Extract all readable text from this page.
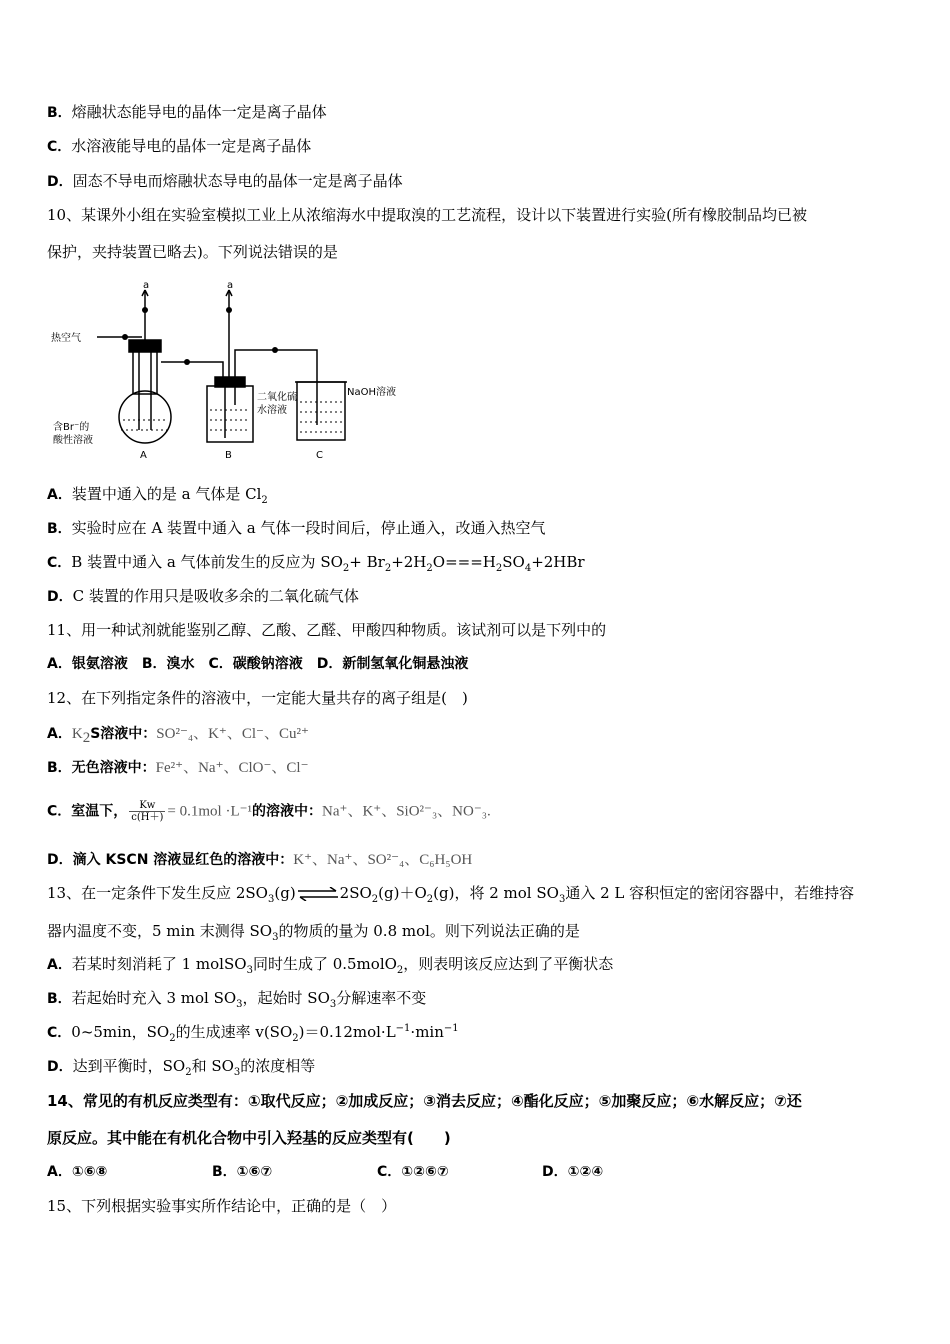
B．熔融状态能导电的晶体一定是离子晶体
C．水溶液能导电的晶体一定是离子晶体
D．固态不导电而熔融状态导电的晶体一定是离子晶体
10、某课外小组在实验室模拟工业上从浓缩海水中提取溴的工艺流程，设计以下装置进行实验(所有橡胶制品均已被
保护，夹持装置已略去)。下列说法错误的是
热空气
a	a
含Br⁻的
酸性溶液
二氧化硫
水溶液
NaOH溶液
A	B	C
A．装置中通入的是 a 气体是 $Cl_2$
B．实验时应在 A 装置中通入 a 气体一段时间后，停止通入，改通入热空气
C．B 装置中通入 a 气体前发生的反应为 $SO_2+ Br_2+2H_2O===H_2SO_4+2HBr$
D．C 装置的作用只是吸收多余的二氧化硫气体
11、用一种试剂就能鉴别乙醇、乙酸、乙醛、甲酸四种物质。该试剂可以是下列中的
A．银氨溶液　B．溴水　C．碳酸钠溶液　D．新制氢氧化铜悬浊液
12、在下列指定条件的溶液中，一定能大量共存的离子组是(　)
A．$K_2S$溶液中：SO²⁻₄、K⁺、Cl⁻、Cu²⁺
B．无色溶液中：Fe²⁺、Na⁺、ClO⁻、Cl⁻
C．室温下， $\frac{Kw}{c(H+)} = 0.1mol \cdot L^{-1}$的溶液中：Na⁺、K⁺、SiO²⁻₃、NO⁻₃.
D．滴入 KSCN 溶液显红色的溶液中：K⁺、Na⁺、SO²⁻₄、C₆H₅OH
13、在一定条件下发生反应 $2SO_3(g)\rightleftharpoons 2SO_2(g)+O_2(g)$，将 2 mol $SO_3$通入 2 L 容积恒定的密闭容器中，若维持容
器内温度不变，5 min 末测得 $SO_3$的物质的量为 0.8 mol。则下列说法正确的是
A．若某时刻消耗了 1 molSO$_3$同时生成了 0.5molO$_2$，则表明该反应达到了平衡状态
B．若起始时充入 3 mol $SO_3$，起始时 $SO_3$分解速率不变
C．0~5min，$SO_2$的生成速率 $v(SO_2)=0.12mol\cdot L^{-1}\cdot\min^{-1}$
D．达到平衡时，$SO_2$和 $SO_3$的浓度相等
14、常见的有机反应类型有：①取代反应；②加成反应；③消去反应；④酯化反应；⑤加聚反应；⑥水解反应；⑦还
原反应。其中能在有机化合物中引入羟基的反应类型有(　　)
A．①⑥⑧	B．①⑥⑦	C．①②⑥⑦	D．①②④
15、下列根据实验事实所作结论中，正确的是（　）
